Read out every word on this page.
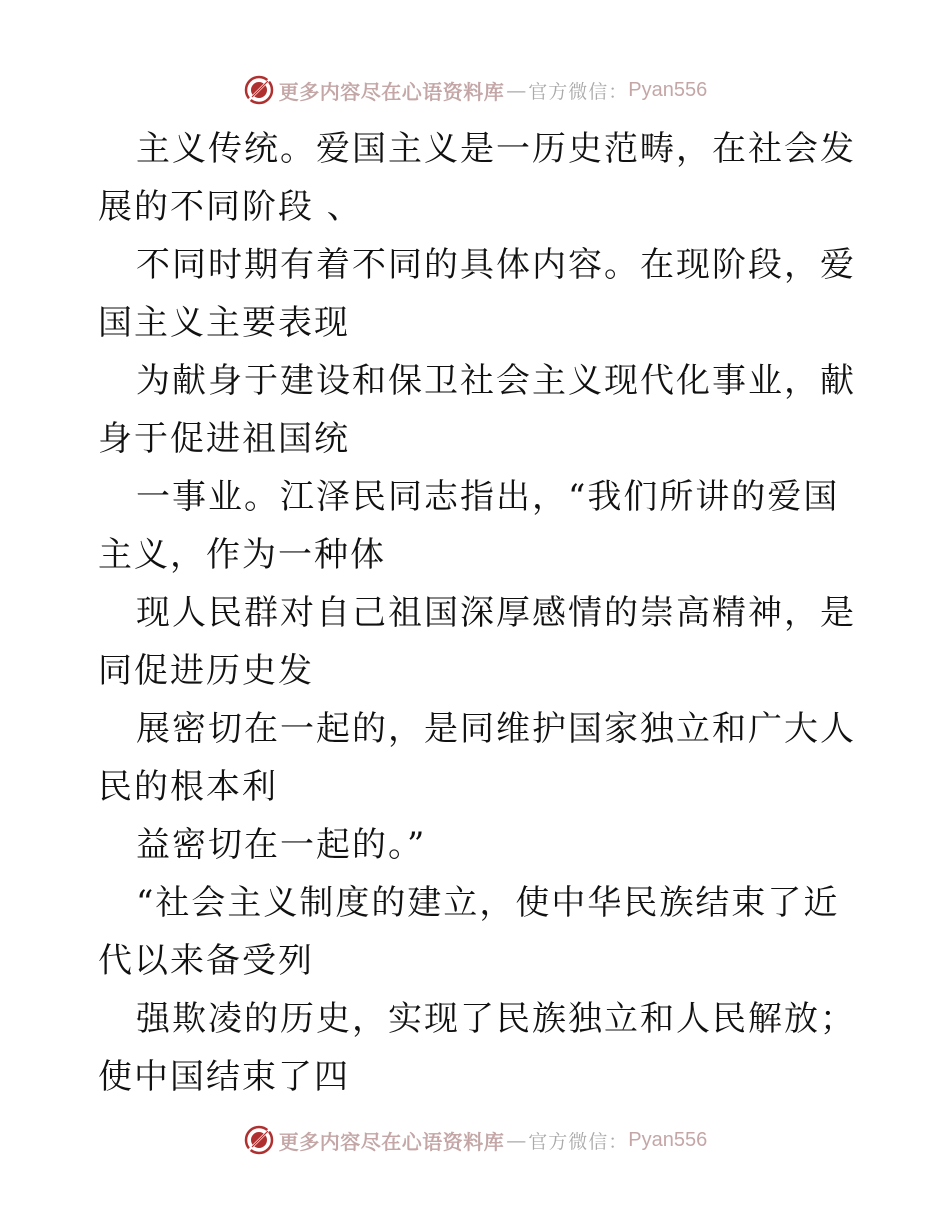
更多内容尽在心语资料库 — 官方微信： Pyan556

主义传统。爱国主义是一历史范畴，在社会发展的不同阶段 、

不同时期有着不同的具体内容。在现阶段，爱国主义主要表现

为献身于建设和保卫社会主义现代化事业，献身于促进祖国统

一事业。江泽民同志指出，“我们所讲的爱国主义，作为一种体

现人民群对自己祖国深厚感情的崇高精神，是同促进历史发

展密切在一起的，是同维护国家独立和广大人民的根本利

益密切在一起的。”

“社会主义制度的建立，使中华民族结束了近代以来备受列

强欺凌的历史，实现了民族独立和人民解放；使中国结束了四

更多内容尽在心语资料库 — 官方微信： Pyan556
